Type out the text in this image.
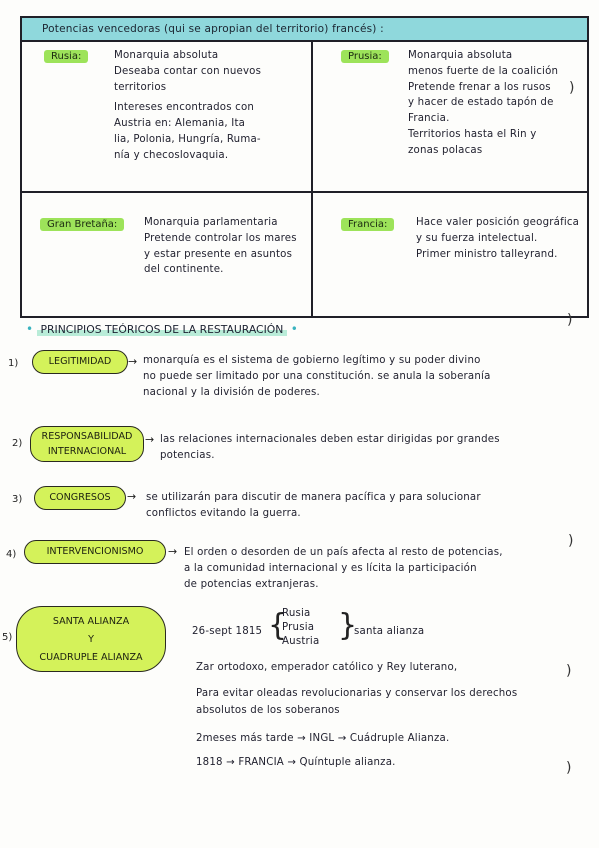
Potencias vencedoras (qui se apropian del territorio) francés) :
Rusia:	Monarquia absoluta
Deseaba contar con nuevos
territorios
Intereses encontrados con
Austria en: Alemania, Ita
lia, Polonia, Hungría, Ruma-
nía y checoslovaquia.
Prusia:	Monarquia absoluta
menos fuerte de la coalición
Pretende frenar a los rusos
y hacer de estado tapón de
Francia.
Territorios hasta el Rin y
zonas polacas
)
Gran Bretaña:	Monarquia parlamentaria
Pretende controlar los mares
y estar presente en asuntos
del continente.
Francia:	Hace valer posición geográfica
y su fuerza intelectual.
Primer ministro talleyrand.
)
• PRINCIPIOS TEÓRICOS DE LA RESTAURACIÓN •
1)	LEGITIMIDAD	→ monarquía es el sistema de gobierno legítimo y su poder divino
no puede ser limitado por una constitución. se anula la soberanía
nacional y la división de poderes.
2)
RESPONSABILIDAD
INTERNACIONAL
→ las relaciones internacionales deben estar dirigidas por grandes
potencias.
3)	CONGRESOS	→ se utilizarán para discutir de manera pacífica y para solucionar
conflictos evitando la guerra.
4)	INTERVENCIONISMO	→ El orden o desorden de un país afecta al resto de potencias,
a la comunidad internacional y es lícita la participación
de potencias extranjeras.
)
5)
SANTA ALIANZA
Y
CUADRUPLE ALIANZA
26-sept 1815 {
Rusia
Prusia
Austria }
santa alianza
Zar ortodoxo, emperador católico y Rey luterano,
Para evitar oleadas revolucionarias y conservar los derechos
absolutos de los soberanos
2meses más tarde → INGL → Cuádruple Alianza.
1818 → FRANCIA → Quíntuple alianza.
)
)
